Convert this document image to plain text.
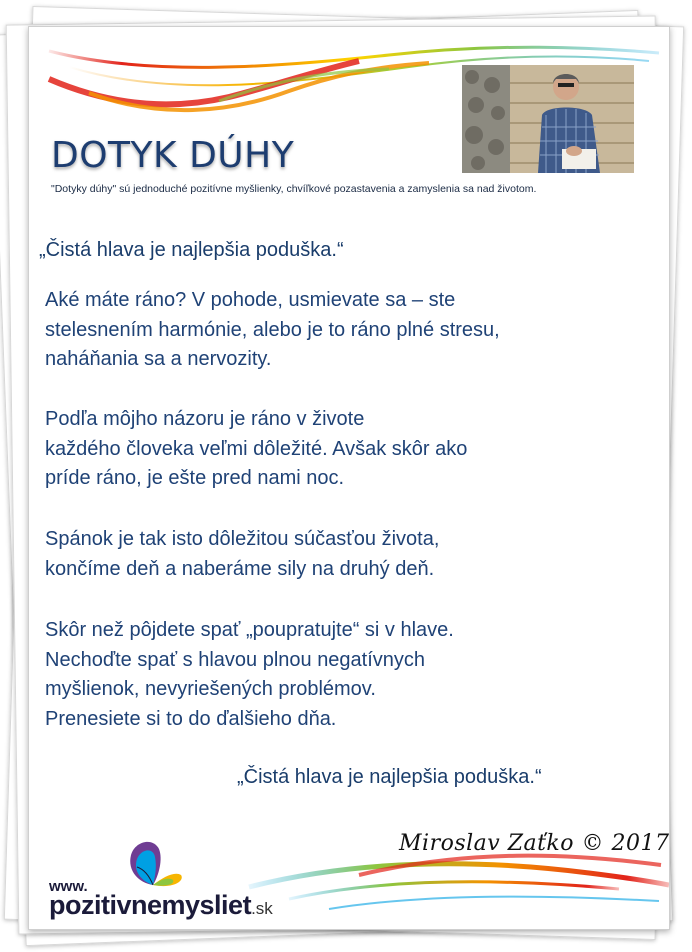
DOTYK DÚHY
"Dotyky dúhy" sú jednoduché pozitívne myšlienky, chvíľkové pozastavenia a zamyslenia sa nad životom.
„Čistá hlava je najlepšia poduška.“
Aké máte ráno? V pohode, usmievate sa – ste
stelesnením harmónie, alebo je to ráno plné stresu,
naháňania sa a nervozity.
Podľa môjho názoru je ráno v živote
každého človeka veľmi dôležité. Avšak skôr ako
príde ráno, je ešte pred nami noc.
Spánok je tak isto dôležitou súčasťou života,
končíme deň a naberáme sily na druhý deň.
Skôr než pôjdete spať „poupratujte“ si v hlave.
Nechoďte spať s hlavou plnou negatívnych
myšlienok, nevyriešených problémov.
Prenesiete si to do ďalšieho dňa.
„Čistá hlava je najlepšia poduška.“
Miroslav Zaťko © 2017
www.
pozitivnemysliet.sk
